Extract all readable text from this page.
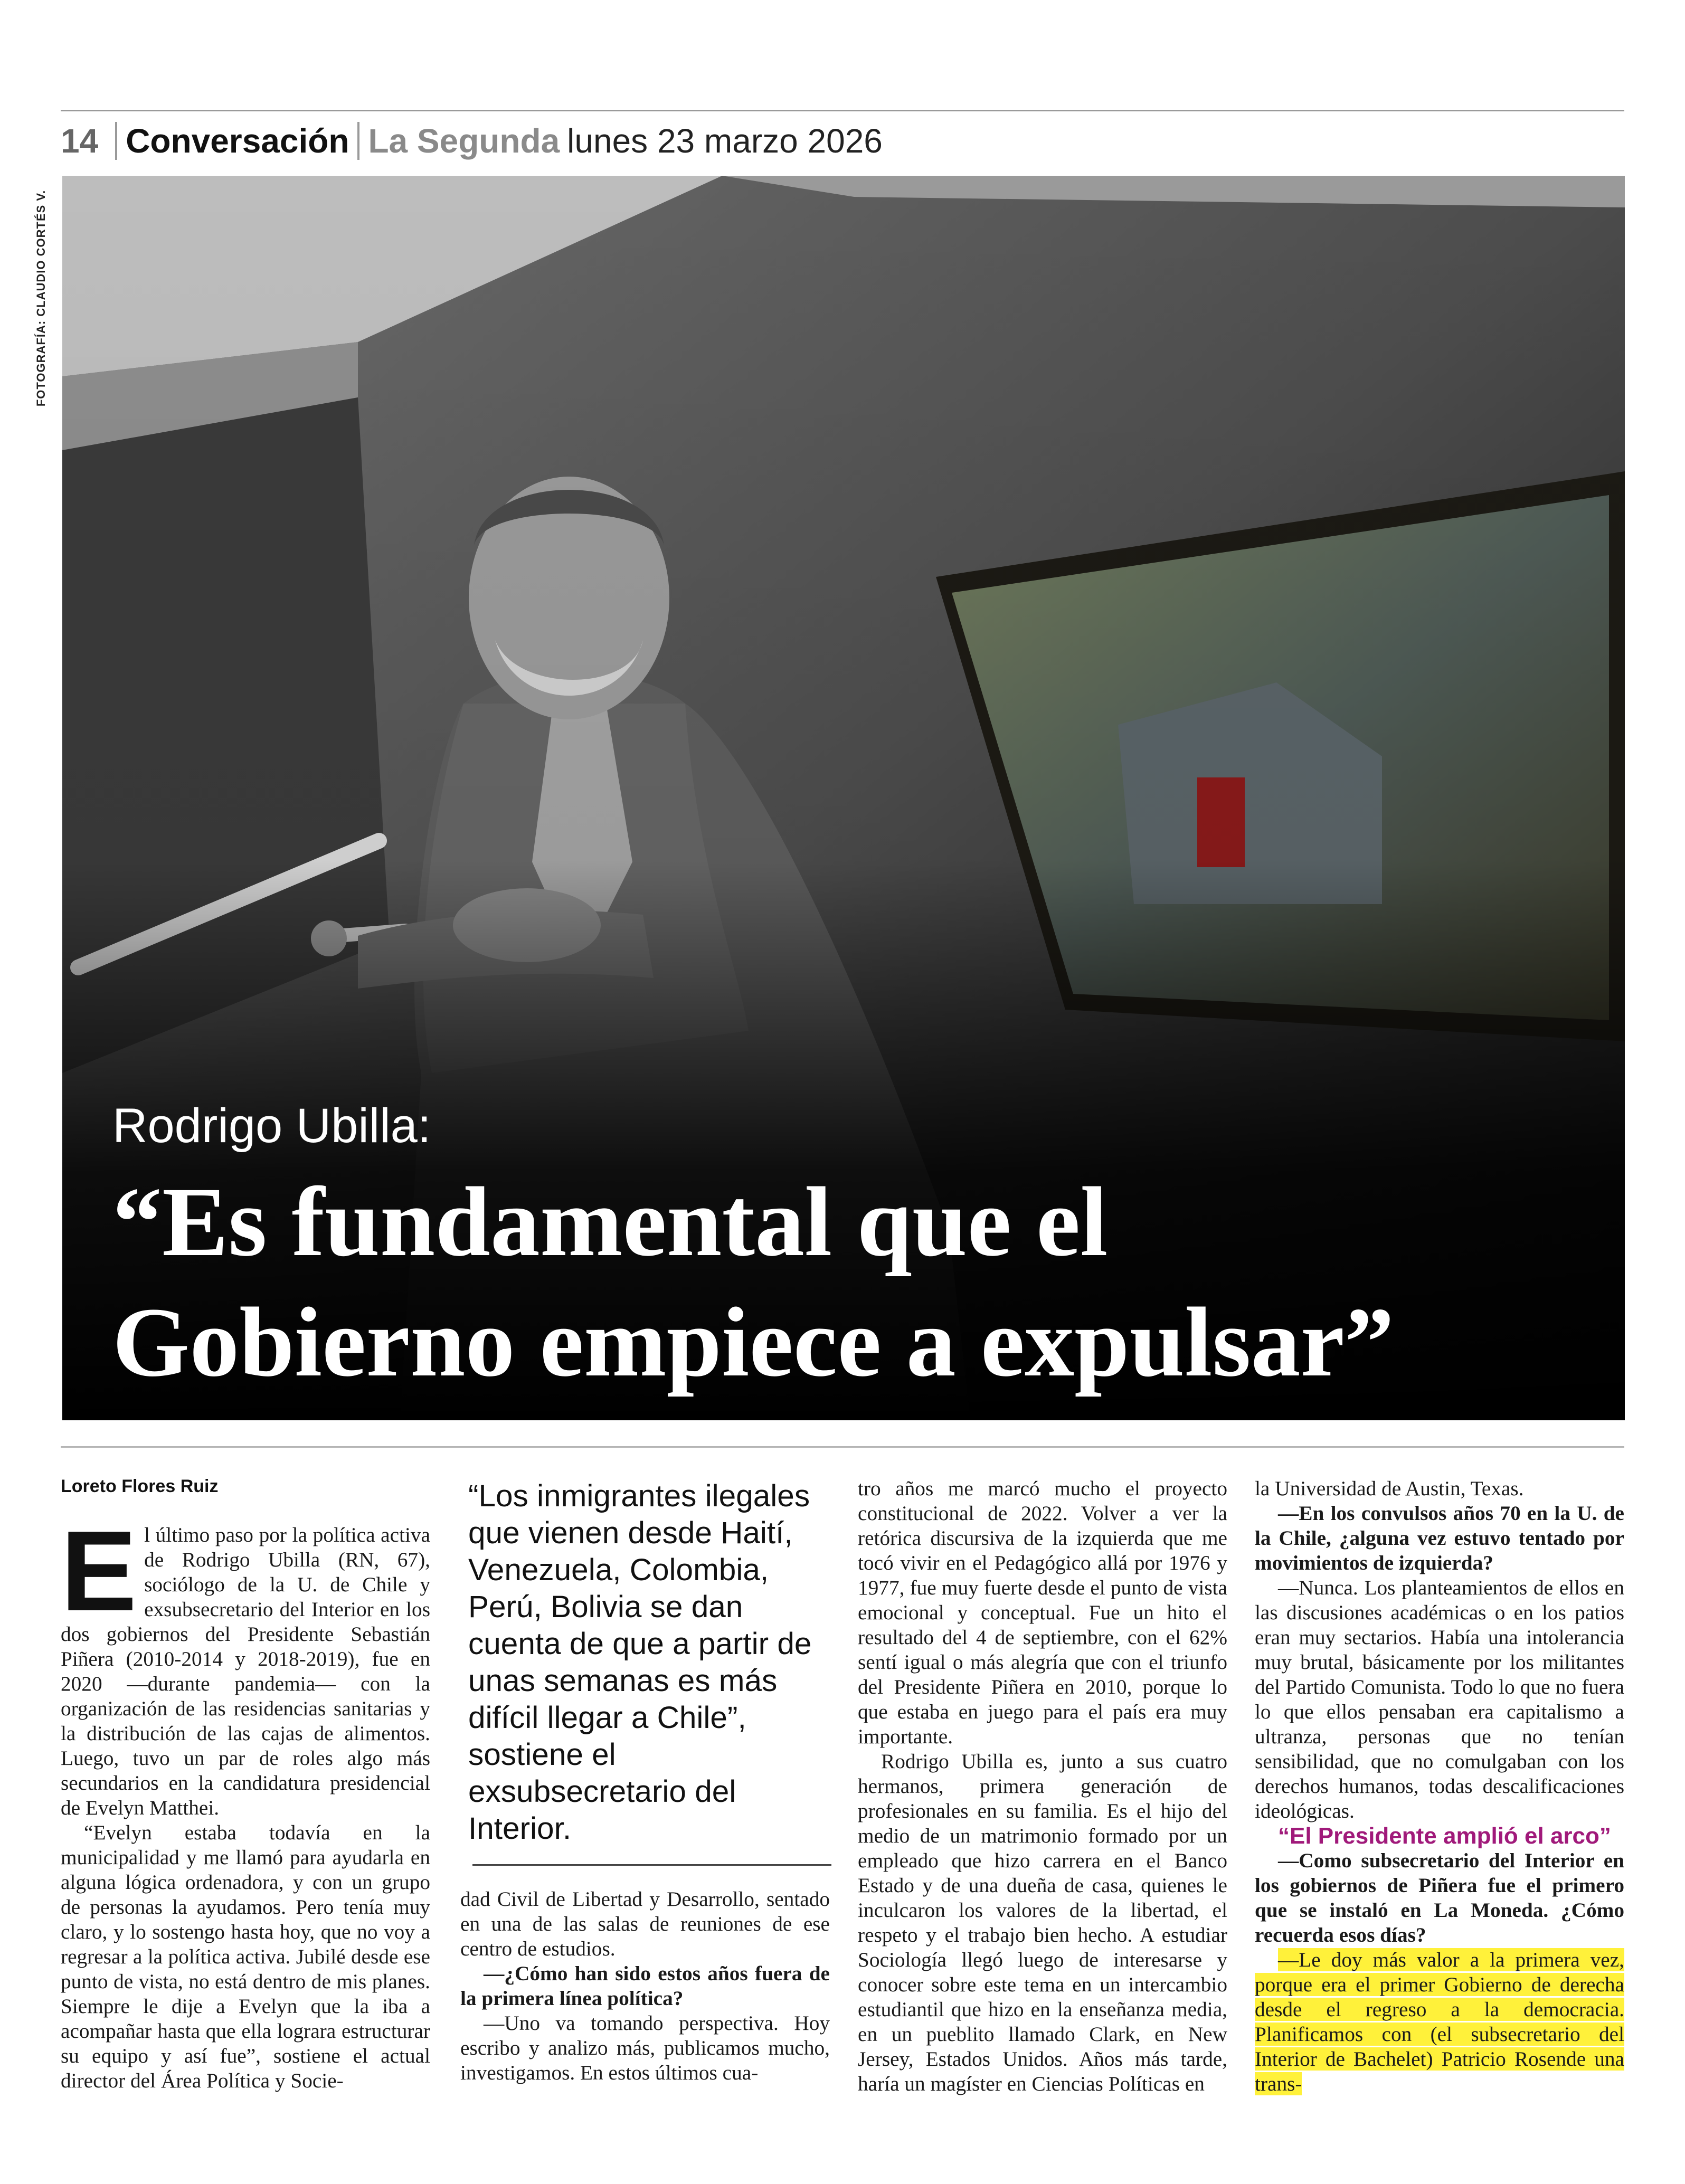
14 Conversación La Segunda lunes 23 marzo 2026
FOTOGRAFÍA: CLAUDIO CORTÉS V.
Rodrigo Ubilla:
“Es fundamental que el
Gobierno empiece a expulsar”
Loreto Flores Ruiz

El último paso por la política activa de Rodrigo Ubilla (RN, 67), sociólogo de la U. de Chile y exsubsecretario del Interior en los dos gobiernos del Presidente Sebastián Piñera (2010-2014 y 2018-2019), fue en 2020 —durante pandemia— con la organización de las residencias sanitarias y la distribución de las cajas de alimentos. Luego, tuvo un par de roles algo más secundarios en la candidatura presidencial de Evelyn Matthei.

“Evelyn estaba todavía en la municipalidad y me llamó para ayudarla en alguna lógica ordenadora, y con un grupo de personas la ayudamos. Pero tenía muy claro, y lo sostengo hasta hoy, que no voy a regresar a la política activa. Jubilé desde ese punto de vista, no está dentro de mis planes. Siempre le dije a Evelyn que la iba a acompañar hasta que ella lograra estructurar su equipo y así fue”, sostiene el actual director del Área Política y Socie-

“Los inmigrantes ilegales que vienen desde Haití, Venezuela, Colombia, Perú, Bolivia se dan cuenta de que a partir de unas semanas es más difícil llegar a Chile”, sostiene el exsubsecretario del Interior.

dad Civil de Libertad y Desarrollo, sentado en una de las salas de reuniones de ese centro de estudios.

—¿Cómo han sido estos años fuera de la primera línea política?

—Uno va tomando perspectiva. Hoy escribo y analizo más, publicamos mucho, investigamos. En estos últimos cua-

tro años me marcó mucho el proyecto constitucional de 2022. Volver a ver la retórica discursiva de la izquierda que me tocó vivir en el Pedagógico allá por 1976 y 1977, fue muy fuerte desde el punto de vista emocional y conceptual. Fue un hito el resultado del 4 de septiembre, con el 62% sentí igual o más alegría que con el triunfo del Presidente Piñera en 2010, porque lo que estaba en juego para el país era muy importante.

Rodrigo Ubilla es, junto a sus cuatro hermanos, primera generación de profesionales en su familia. Es el hijo del medio de un matrimonio formado por un empleado que hizo carrera en el Banco Estado y de una dueña de casa, quienes le inculcaron los valores de la libertad, el respeto y el trabajo bien hecho. A estudiar Sociología llegó luego de interesarse y conocer sobre este tema en un intercambio estudiantil que hizo en la enseñanza media, en un pueblito llamado Clark, en New Jersey, Estados Unidos. Años más tarde, haría un magíster en Ciencias Políticas en

la Universidad de Austin, Texas.

—En los convulsos años 70 en la U. de la Chile, ¿alguna vez estuvo tentado por movimientos de izquierda?

—Nunca. Los planteamientos de ellos en las discusiones académicas o en los patios eran muy sectarios. Había una intolerancia muy brutal, básicamente por los militantes del Partido Comunista. Todo lo que no fuera lo que ellos pensaban era capitalismo a ultranza, personas que no tenían sensibilidad, que no comulgaban con los derechos humanos, todas descalificaciones ideológicas.

“El Presidente amplió el arco”

—Como subsecretario del Interior en los gobiernos de Piñera fue el primero que se instaló en La Moneda. ¿Cómo recuerda esos días?

—Le doy más valor a la primera vez, porque era el primer Gobierno de derecha desde el regreso a la democracia. Planificamos con (el subsecretario del Interior de Bachelet) Patricio Rosende una trans-
